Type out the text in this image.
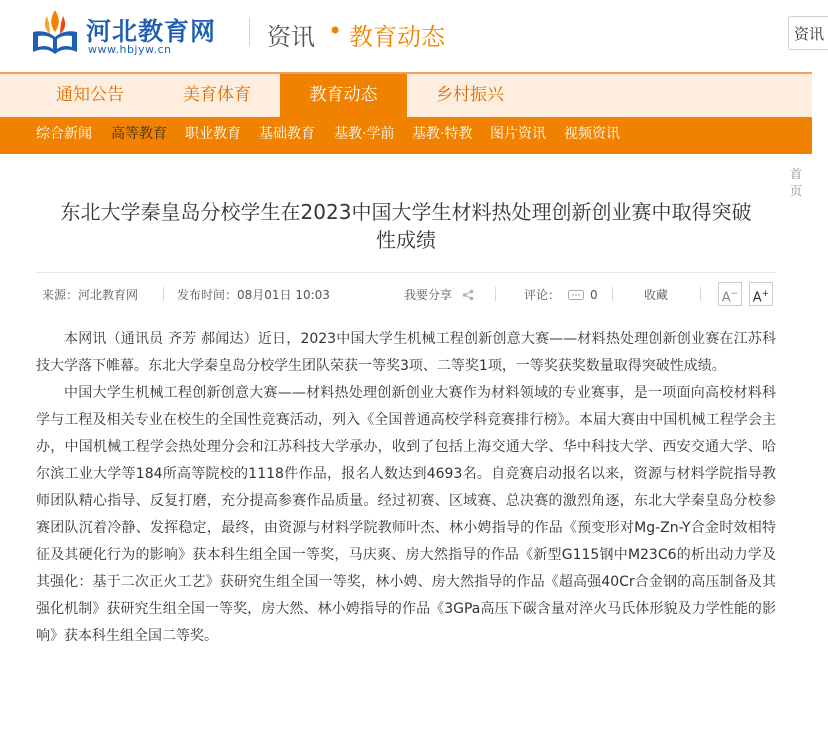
河北教育网
www.hbjyw.cn	资讯 • 教育动态	资讯
通知公告	美育体育	教育动态	乡村振兴
综合新闻 高等教育 职业教育 基础教育 基教·学前 基教·特教 图片资讯 视频资讯
首页
东北大学秦皇岛分校学生在2023中国大学生材料热处理创新创业赛中取得突破
性成绩
来源：河北教育网	发布时间：08月01日 10:03	我要分享	评论： 0	收藏	A− A+

本网讯（通讯员 齐芳 郝闻达）近日，2023中国大学生机械工程创新创意大赛——材料热处理创新创业赛在江苏科技大学落下帷幕。东北大学秦皇岛分校学生团队荣获一等奖3项、二等奖1项，一等奖获奖数量取得突破性成绩。

中国大学生机械工程创新创意大赛——材料热处理创新创业大赛作为材料领域的专业赛事，是一项面向高校材料科学与工程及相关专业在校生的全国性竞赛活动，列入《全国普通高校学科竞赛排行榜》。本届大赛由中国机械工程学会主办，中国机械工程学会热处理分会和江苏科技大学承办，收到了包括上海交通大学、华中科技大学、西安交通大学、哈尔滨工业大学等184所高等院校的1118件作品，报名人数达到4693名。自竞赛启动报名以来，资源与材料学院指导教师团队精心指导、反复打磨，充分提高参赛作品质量。经过初赛、区域赛、总决赛的激烈角逐，东北大学秦皇岛分校参赛团队沉着冷静、发挥稳定，最终，由资源与材料学院教师叶杰、林小娉指导的作品《预变形对Mg-Zn-Y合金时效相特征及其硬化行为的影响》获本科生组全国一等奖，马庆爽、房大然指导的作品《新型G115钢中M23C6的析出动力学及其强化：基于二次正火工艺》获研究生组全国一等奖，林小娉、房大然指导的作品《超高强40Cr合金钢的高压制备及其强化机制》获研究生组全国一等奖，房大然、林小娉指导的作品《3GPa高压下碳含量对淬火马氏体形貌及力学性能的影响》获本科生组全国二等奖。
